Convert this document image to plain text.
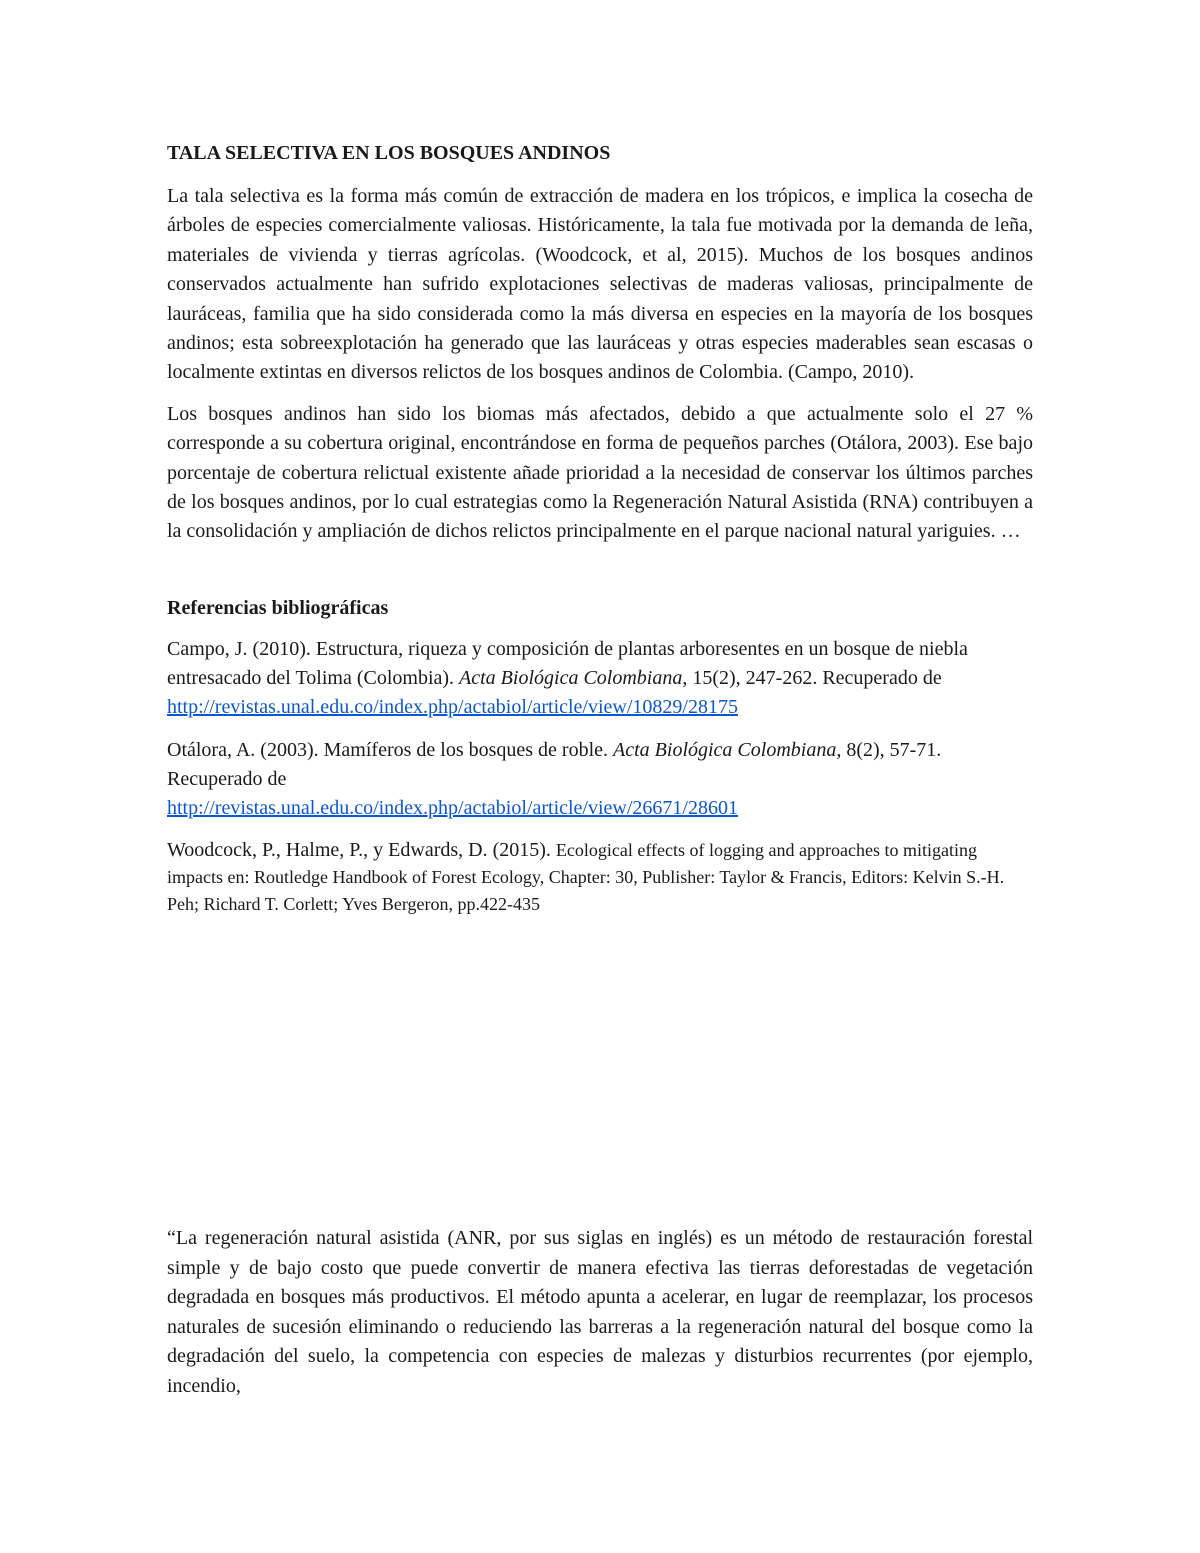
TALA SELECTIVA EN LOS BOSQUES ANDINOS

La tala selectiva es la forma más común de extracción de madera en los trópicos, e implica la cosecha de árboles de especies comercialmente valiosas. Históricamente, la tala fue motivada por la demanda de leña, materiales de vivienda y tierras agrícolas. (Woodcock, et al, 2015). Muchos de los bosques andinos conservados actualmente han sufrido explotaciones selectivas de maderas valiosas, principalmente de lauráceas, familia que ha sido considerada como la más diversa en especies en la mayoría de los bosques andinos; esta sobreexplotación ha generado que las lauráceas y otras especies maderables sean escasas o localmente extintas en diversos relictos de los bosques andinos de Colombia. (Campo, 2010).

Los bosques andinos han sido los biomas más afectados, debido a que actualmente solo el 27 % corresponde a su cobertura original, encontrándose en forma de pequeños parches (Otálora, 2003). Ese bajo porcentaje de cobertura relictual existente añade prioridad a la necesidad de conservar los últimos parches de los bosques andinos, por lo cual estrategias como la Regeneración Natural Asistida (RNA) contribuyen a la consolidación y ampliación de dichos relictos principalmente en el parque nacional natural yariguies. …

Referencias bibliográficas
Campo, J. (2010). Estructura, riqueza y composición de plantas arboresentes en un bosque de niebla entresacado del Tolima (Colombia). Acta Biológica Colombiana, 15(2), 247-262. Recuperado de http://revistas.unal.edu.co/index.php/actabiol/article/view/10829/28175
Otálora, A. (2003). Mamíferos de los bosques de roble. Acta Biológica Colombiana, 8(2), 57-71. Recuperado de
http://revistas.unal.edu.co/index.php/actabiol/article/view/26671/28601
Woodcock, P., Halme, P., y Edwards, D. (2015). Ecological effects of logging and approaches to mitigating impacts en: Routledge Handbook of Forest Ecology, Chapter: 30, Publisher: Taylor & Francis, Editors: Kelvin S.-H. Peh; Richard T. Corlett; Yves Bergeron, pp.422-435

“La regeneración natural asistida (ANR, por sus siglas en inglés) es un método de restauración forestal simple y de bajo costo que puede convertir de manera efectiva las tierras deforestadas de vegetación degradada en bosques más productivos. El método apunta a acelerar, en lugar de reemplazar, los procesos naturales de sucesión eliminando o reduciendo las barreras a la regeneración natural del bosque como la degradación del suelo, la competencia con especies de malezas y disturbios recurrentes (por ejemplo, incendio,
